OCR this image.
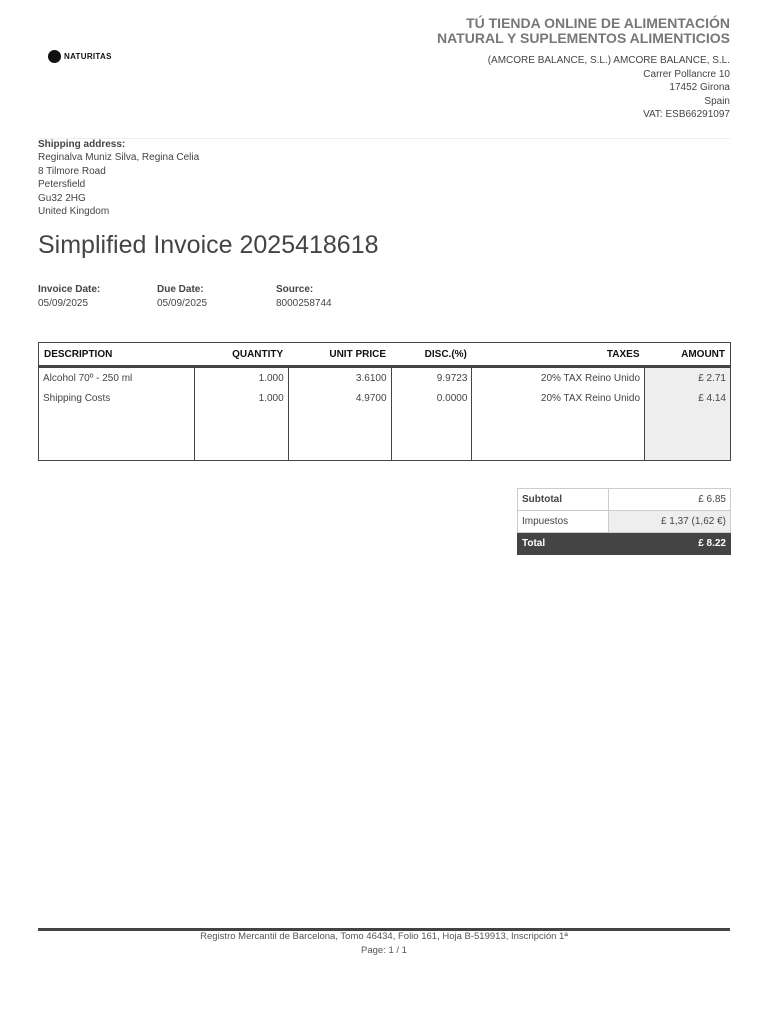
NATURITAS
TÚ TIENDA ONLINE DE ALIMENTACIÓN
NATURAL Y SUPLEMENTOS ALIMENTICIOS
(AMCORE BALANCE, S.L.) AMCORE BALANCE, S.L.
Carrer Pollancre 10
17452 Girona
Spain
VAT: ESB66291097
Shipping address:
Reginalva Muniz Silva, Regina Celia
8 Tilmore Road
Petersfield
Gu32 2HG
United Kingdom
Simplified Invoice 2025418618
Invoice Date:
05/09/2025
Due Date:
05/09/2025
Source:
8000258744
DESCRIPTION	QUANTITY	UNIT PRICE	DISC.(%)	TAXES	AMOUNT
Alcohol 70º - 250 ml	1.000	3.6100	9.9723	20% TAX Reino Unido	£ 2.71
Shipping Costs	1.000	4.9700	0.0000	20% TAX Reino Unido	£ 4.14

Subtotal	£ 6.85
Impuestos	£ 1,37 (1,62 €)
Total	£ 8.22
Registro Mercantil de Barcelona, Tomo 46434, Folio 161, Hoja B-519913, Inscripción 1ª
Page: 1 / 1
